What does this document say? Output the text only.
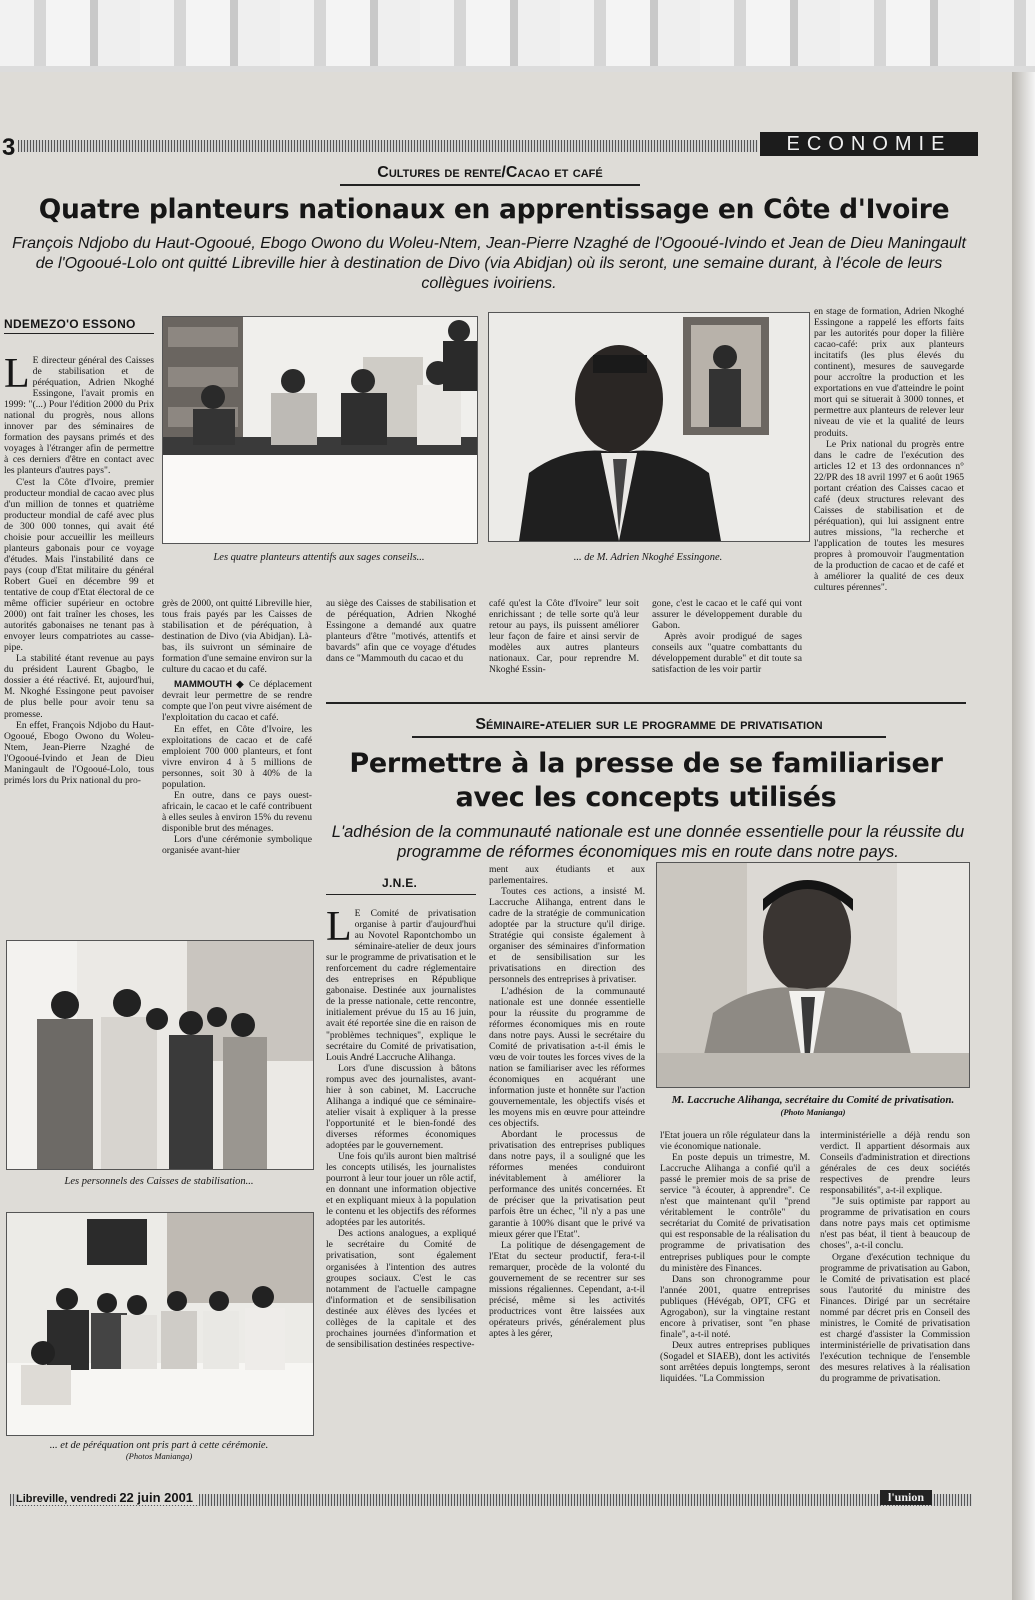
3	ECONOMIE
Cultures de rente/Cacao et café
Quatre planteurs nationaux en apprentissage en Côte d'Ivoire
François Ndjobo du Haut-Ogooué, Ebogo Owono du Woleu-Ntem, Jean-Pierre Nzaghé de l'Ogooué-Ivindo et Jean de Dieu Maningault de l'Ogooué-Lolo ont quitté Libreville hier à destination de Divo (via Abidjan) où ils seront, une semaine durant, à l'école de leurs collègues ivoiriens.
NDEMEZO'O ESSONO

L E directeur général des Caisses de stabilisation et de péréquation, Adrien Nkoghé Essingone, l'avait promis en 1999: "(...) Pour l'édition 2000 du Prix national du progrès, nous allons innover par des séminaires de formation des paysans primés et des voyages à l'étranger afin de permettre à ces derniers d'être en contact avec les planteurs d'autres pays".

C'est la Côte d'Ivoire, premier producteur mondial de cacao avec plus d'un million de tonnes et quatrième producteur mondial de café avec plus de 300 000 tonnes, qui avait été choisie pour accueillir les meilleurs planteurs gabonais pour ce voyage d'études. Mais l'instabilité dans ce pays (coup d'Etat militaire du général Robert Gueï en décembre 99 et tentative de coup d'Etat électoral de ce même officier supérieur en octobre 2000) ont fait traîner les choses, les autorités gabonaises ne tenant pas à envoyer leurs compatriotes au casse-pipe.

La stabilité étant revenue au pays du président Laurent Gbagbo, le dossier a été réactivé. Et, aujourd'hui, M. Nkoghé Essingone peut pavoiser de plus belle pour avoir tenu sa promesse.

En effet, François Ndjobo du Haut-Ogooué, Ebogo Owono du Woleu-Ntem, Jean-Pierre Nzaghé de l'Ogooué-Ivindo et Jean de Dieu Maningault de l'Ogooué-Lolo, tous primés lors du Prix national du pro-

Les quatre planteurs attentifs aux sages conseils...	... de M. Adrien Nkoghé Essingone.

en stage de formation, Adrien Nkoghé Essingone a rappelé les efforts faits par les autorités pour doper la filière cacao-café: prix aux planteurs incitatifs (les plus élevés du continent), mesures de sauvegarde pour accroître la production et les exportations en vue d'atteindre le point mort qui se situerait à 3000 tonnes, et permettre aux planteurs de relever leur niveau de vie et la qualité de leurs produits.

Le Prix national du progrès entre dans le cadre de l'exécution des articles 12 et 13 des ordonnances n° 22/PR des 18 avril 1997 et 6 août 1965 portant création des Caisses cacao et café (deux structures relevant des Caisses de stabilisation et de péréquation), qui lui assignent entre autres missions, "la recherche et l'application de toutes les mesures propres à promouvoir l'augmentation de la production de cacao et de café et à améliorer la qualité de ces deux cultures pérennes".

grès de 2000, ont quitté Libreville hier, tous frais payés par les Caisses de stabilisation et de péréquation, à destination de Divo (via Abidjan). Là-bas, ils suivront un séminaire de formation d'une semaine environ sur la culture du cacao et du café.

MAMMOUTH ◆ Ce déplacement devrait leur permettre de se rendre compte que l'on peut vivre aisément de l'exploitation du cacao et café.

En effet, en Côte d'Ivoire, les exploitations de cacao et de café emploient 700 000 planteurs, et font vivre environ 4 à 5 millions de personnes, soit 30 à 40% de la population.

En outre, dans ce pays ouest-africain, le cacao et le café contribuent à elles seules à environ 15% du revenu disponible brut des ménages.

Lors d'une cérémonie symbolique organisée avant-hier

au siège des Caisses de stabilisation et de péréquation, Adrien Nkoghé Essingone a demandé aux quatre planteurs d'être "motivés, attentifs et bavards" afin que ce voyage d'études dans ce "Mammouth du cacao et du

café qu'est la Côte d'Ivoire" leur soit enrichissant ; de telle sorte qu'à leur retour au pays, ils puissent améliorer leur façon de faire et ainsi servir de modèles aux autres planteurs nationaux. Car, pour reprendre M. Nkoghé Essin-

gone, c'est le cacao et le café qui vont assurer le développement durable du Gabon.

Après avoir prodigué de sages conseils aux "quatre combattants du développement durable" et dit toute sa satisfaction de les voir partir

Séminaire-atelier sur le programme de privatisation
Permettre à la presse de se familiariser
avec les concepts utilisés
L'adhésion de la communauté nationale est une donnée essentielle pour la réussite du programme de réformes économiques mis en route dans notre pays.
J.N.E.

L E Comité de privatisation organise à partir d'aujourd'hui au Novotel Rapontchombo un séminaire-atelier de deux jours sur le programme de privatisation et le renforcement du cadre réglementaire des entreprises en République gabonaise. Destinée aux journalistes de la presse nationale, cette rencontre, initialement prévue du 15 au 16 juin, avait été reportée sine die en raison de "problèmes techniques", explique le secrétaire du Comité de privatisation, Louis André Laccruche Alihanga.

Lors d'une discussion à bâtons rompus avec des journalistes, avant-hier à son cabinet, M. Laccruche Alihanga a indiqué que ce séminaire-atelier visait à expliquer à la presse l'opportunité et le bien-fondé des diverses réformes économiques adoptées par le gouvernement.

Une fois qu'ils auront bien maîtrisé les concepts utilisés, les journalistes pourront à leur tour jouer un rôle actif, en donnant une information objective et en expliquant mieux à la population le contenu et les objectifs des réformes adoptées par les autorités.

Des actions analogues, a expliqué le secrétaire du Comité de privatisation, sont également organisées à l'intention des autres groupes sociaux. C'est le cas notamment de l'actuelle campagne d'information et de sensibilisation destinée aux élèves des lycées et collèges de la capitale et des prochaines journées d'information et de sensibilisation destinées respective-

ment aux étudiants et aux parlementaires.

Toutes ces actions, a insisté M. Laccruche Alihanga, entrent dans le cadre de la stratégie de communication adoptée par la structure qu'il dirige. Stratégie qui consiste également à organiser des séminaires d'information et de sensibilisation sur les privatisations en direction des personnels des entreprises à privatiser.

L'adhésion de la communauté nationale est une donnée essentielle pour la réussite du programme de réformes économiques mis en route dans notre pays. Aussi le secrétaire du Comité de privatisation a-t-il émis le vœu de voir toutes les forces vives de la nation se familiariser avec les réformes économiques en acquérant une information juste et honnête sur l'action gouvernementale, les objectifs visés et les moyens mis en œuvre pour atteindre ces objectifs.

Abordant le processus de privatisation des entreprises publiques dans notre pays, il a souligné que les réformes menées conduiront inévitablement à améliorer la performance des unités concernées. Et de préciser que la privatisation peut parfois être un échec, "il n'y a pas une garantie à 100% disant que le privé va mieux gérer que l'Etat".

La politique de désengagement de l'Etat du secteur productif, fera-t-il remarquer, procède de la volonté du gouvernement de se recentrer sur ses missions régaliennes. Cependant, a-t-il précisé, même si les activités productrices vont être laissées aux opérateurs privés, généralement plus aptes à les gérer,

M. Laccruche Alihanga, secrétaire du Comité de privatisation. (Photo Manianga)

l'Etat jouera un rôle régulateur dans la vie économique nationale.

En poste depuis un trimestre, M. Laccruche Alihanga a confié qu'il a passé le premier mois de sa prise de service "à écouter, à apprendre". Ce n'est que maintenant qu'il "prend véritablement le contrôle" du secrétariat du Comité de privatisation qui est responsable de la réalisation du programme de privatisation des entreprises publiques pour le compte du ministère des Finances.

Dans son chronogramme pour l'année 2001, quatre entreprises publiques (Hévégab, OPT, CFG et Agrogabon), sur la vingtaine restant encore à privatiser, sont "en phase finale", a-t-il noté.

Deux autres entreprises publiques (Sogadel et SIAEB), dont les activités sont arrêtées depuis longtemps, seront liquidées. "La Commission

interministérielle a déjà rendu son verdict. Il appartient désormais aux Conseils d'administration et directions générales de ces deux sociétés respectives de prendre leurs responsabilités", a-t-il explique.

"Je suis optimiste par rapport au programme de privatisation en cours dans notre pays mais cet optimisme n'est pas béat, il tient à beaucoup de choses", a-t-il conclu.

Organe d'exécution technique du programme de privatisation au Gabon, le Comité de privatisation est placé sous l'autorité du ministre des Finances. Dirigé par un secrétaire nommé par décret pris en Conseil des ministres, le Comité de privatisation est chargé d'assister la Commission interministérielle de privatisation dans l'exécution technique de l'ensemble des mesures relatives à la réalisation du programme de privatisation.

Les personnels des Caisses de stabilisation...
... et de péréquation ont pris part à cette cérémonie.
(Photos Manianga)
Libreville, vendredi 22 juin 2001	l'union
